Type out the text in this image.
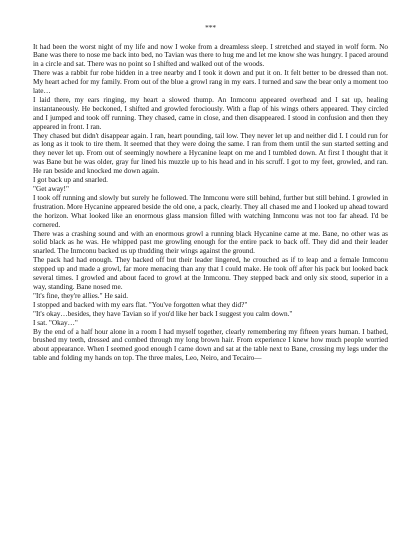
***

It had been the worst night of my life and now I woke from a dreamless sleep. I stretched and stayed in wolf form. No Bane was there to nose me back into bed, no Tavian was there to hug me and let me know she was hungry. I paced around in a circle and sat. There was no point so I shifted and walked out of the woods.

There was a rabbit fur robe hidden in a tree nearby and I took it down and put it on. It felt better to be dressed than not. My heart ached for my family. From out of the blue a growl rang in my ears. I turned and saw the bear only a moment too late…

I laid there, my ears ringing, my heart a slowed thump. An Inmconu appeared overhead and I sat up, healing instantaneously. He beckoned, I shifted and growled ferociously. With a flap of his wings others appeared. They circled and I jumped and took off running. They chased, came in close, and then disappeared. I stood in confusion and then they appeared in front. I ran.

They chased but didn't disappear again. I ran, heart pounding, tail low. They never let up and neither did I. I could run for as long as it took to tire them. It seemed that they were doing the same. I ran from them until the sun started setting and they never let up. From out of seemingly nowhere a Hycanine leapt on me and I tumbled down. At first I thought that it was Bane but he was older, gray fur lined his muzzle up to his head and in his scruff. I got to my feet, growled, and ran. He ran beside and knocked me down again.

I got back up and snarled.

"Get away!"

I took off running and slowly but surely he followed. The Inmconu were still behind, further but still behind. I growled in frustration. More Hycanine appeared beside the old one, a pack, clearly. They all chased me and I looked up ahead toward the horizon. What looked like an enormous glass mansion filled with watching Inmconu was not too far ahead. I'd be cornered.

There was a crashing sound and with an enormous growl a running black Hycanine came at me. Bane, no other was as solid black as he was. He whipped past me growling enough for the entire pack to back off. They did and their leader snarled. The Inmconu backed us up thudding their wings against the ground.

The pack had had enough. They backed off but their leader lingered, he crouched as if to leap and a female Inmconu stepped up and made a growl, far more menacing than any that I could make. He took off after his pack but looked back several times. I growled and about faced to growl at the Inmconu. They stepped back and only six stood, superior in a way, standing. Bane nosed me.

"It's fine, they're allies." He said.

I stopped and backed with my ears flat. "You've forgotten what they did?"

"It's okay…besides, they have Tavian so if you'd like her back I suggest you calm down."

I sat. "Okay…"

By the end of a half hour alone in a room I had myself together, clearly remembering my fifteen years human. I bathed, brushed my teeth, dressed and combed through my long brown hair. From experience I knew how much people worried about appearance. When I seemed good enough I came down and sat at the table next to Bane, crossing my legs under the table and folding my hands on top. The three males, Leo, Neiro, and Tecairo—
